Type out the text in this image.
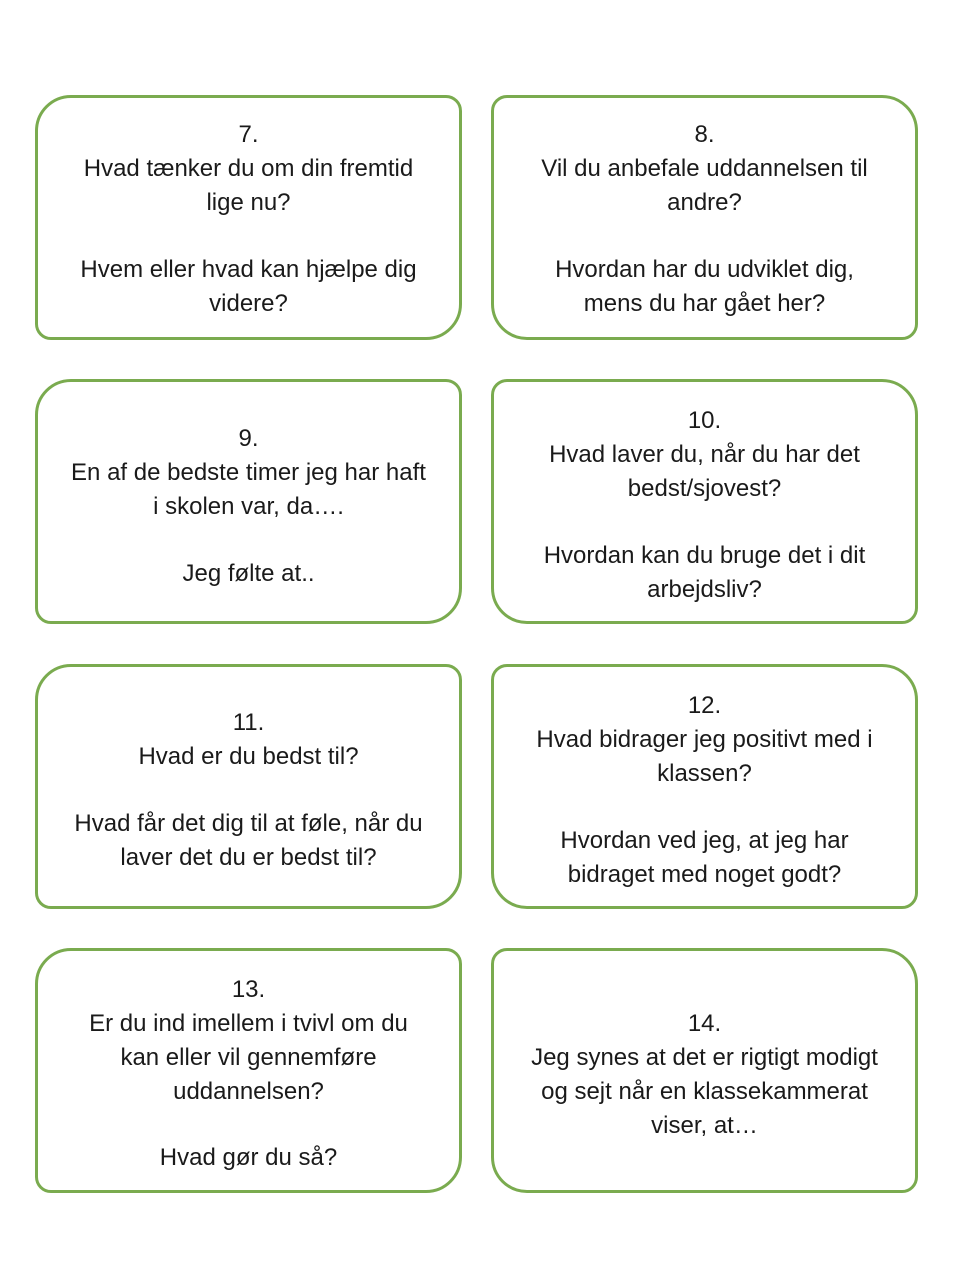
7.
Hvad tænker du om din fremtid
lige nu?
Hvem eller hvad kan hjælpe dig
videre?
8.
Vil du anbefale uddannelsen til
andre?
Hvordan har du udviklet dig,
mens du har gået her?
9.
En af de bedste timer jeg har haft
i skolen var, da….
Jeg følte at..
10.
Hvad laver du, når du har det
bedst/sjovest?
Hvordan kan du bruge det i dit
arbejdsliv?
11.
Hvad er du bedst til?
Hvad får det dig til at føle, når du
laver det du er bedst til?
12.
Hvad bidrager jeg positivt med i
klassen?
Hvordan ved jeg, at jeg har
bidraget med noget godt?
13.
Er du ind imellem i tvivl om du
kan eller vil gennemføre
uddannelsen?
Hvad gør du så?
14.
Jeg synes at det er rigtigt modigt
og sejt når en klassekammerat
viser, at…
